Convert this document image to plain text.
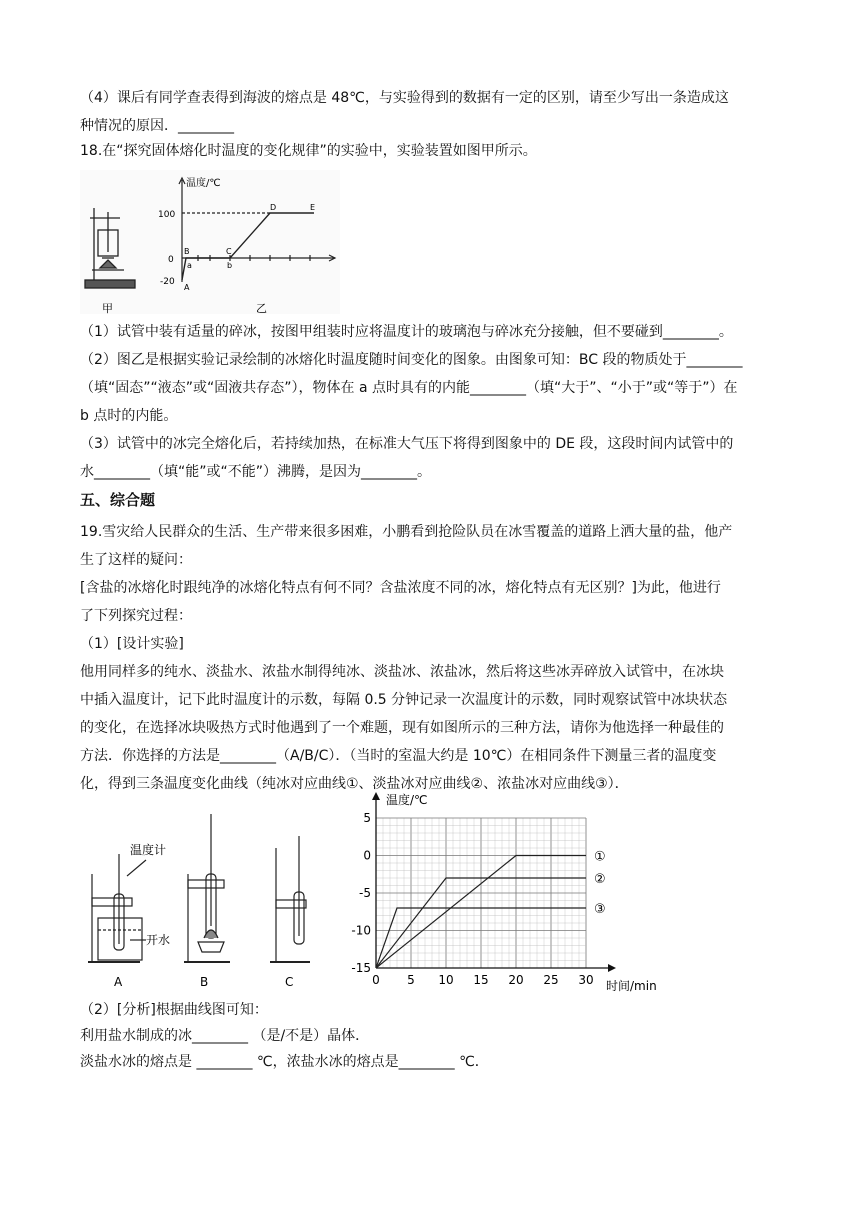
（4）课后有同学查表得到海波的熔点是 48℃，与实验得到的数据有一定的区别，请至少写出一条造成这
种情况的原因．________
18.在“探究固体熔化时温度的变化规律”的实验中，实验装置如图甲所示。
甲
温度/℃
100
0
-20
A
B	C
D	E
a	b
乙
（1）试管中装有适量的碎冰，按图甲组装时应将温度计的玻璃泡与碎冰充分接触，但不要碰到________。
（2）图乙是根据实验记录绘制的冰熔化时温度随时间变化的图象。由图象可知：BC 段的物质处于________
（填“固态”“液态”或“固液共存态”），物体在 a 点时具有的内能________（填“大于”、“小于”或“等于”）在
b 点时的内能。
（3）试管中的冰完全熔化后，若持续加热，在标准大气压下将得到图象中的 DE 段，这段时间内试管中的
水________（填“能”或“不能”）沸腾，是因为________。
五、综合题
19.雪灾给人民群众的生活、生产带来很多困难，小鹏看到抢险队员在冰雪覆盖的道路上洒大量的盐，他产
生了这样的疑问：
[含盐的冰熔化时跟纯净的冰熔化特点有何不同？含盐浓度不同的冰，熔化特点有无区别？]为此，他进行
了下列探究过程：
（1）[设计实验]
他用同样多的纯水、淡盐水、浓盐水制得纯冰、淡盐冰、浓盐冰，然后将这些冰弄碎放入试管中，在冰块
中插入温度计，记下此时温度计的示数，每隔 0.5 分钟记录一次温度计的示数，同时观察试管中冰块状态
的变化，在选择冰块吸热方式时他遇到了一个难题，现有如图所示的三种方法，请你为他选择一种最佳的
方法．你选择的方法是________（A/B/C）．（当时的室温大约是 10℃）在相同条件下测量三者的温度变
化，得到三条温度变化曲线（纯冰对应曲线①、淡盐冰对应曲线②、浓盐冰对应曲线③）．
温度计
开水
A	B	C	0 5 10 15 20 25 30
5
0
-5
-10
-15
温度/℃
时间/min
①
②
③
（2）[分析]根据曲线图可知：
利用盐水制成的冰________ （是/不是）晶体．
淡盐水冰的熔点是 ________ ℃，浓盐水冰的熔点是________ ℃．
